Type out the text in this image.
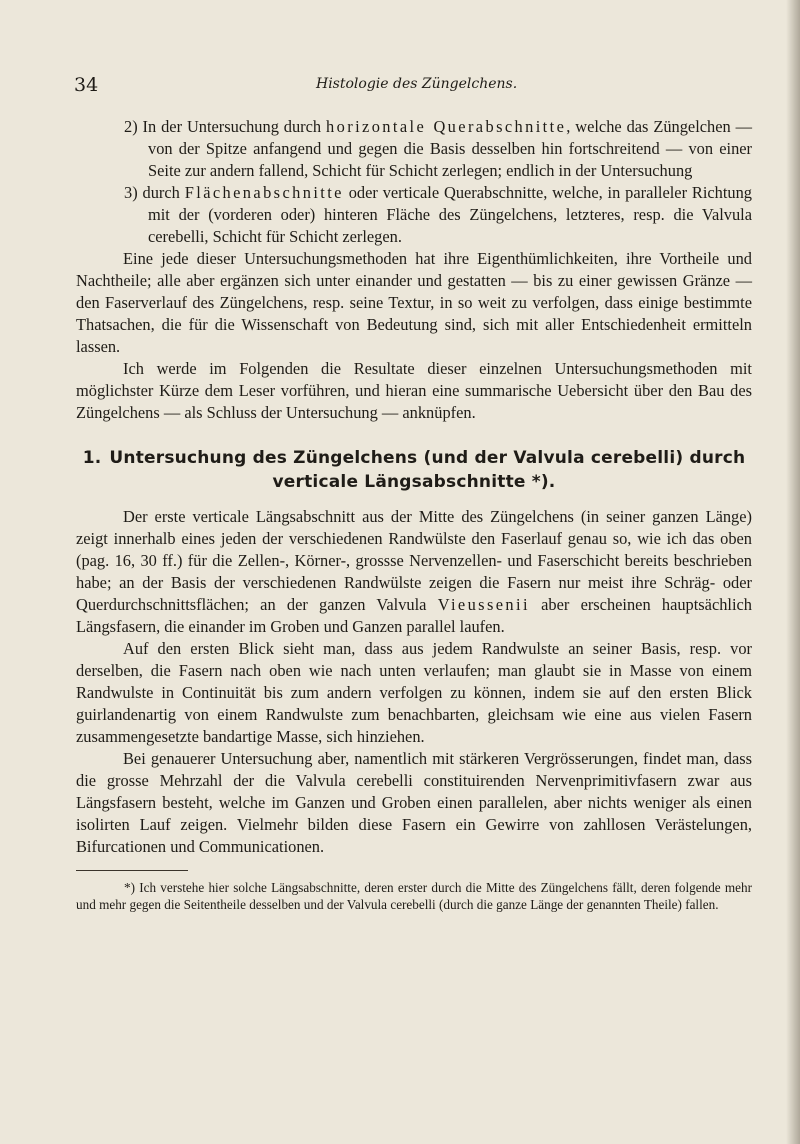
34	Histologie des Züngelchens.

2) In der Untersuchung durch horizontale Querabschnitte, welche das Züngelchen — von der Spitze anfangend und gegen die Basis desselben hin fortschreitend — von einer Seite zur andern fallend, Schicht für Schicht zerlegen; endlich in der Untersuchung

3) durch Flächenabschnitte oder verticale Querabschnitte, welche, in paralleler Richtung mit der (vorderen oder) hinteren Fläche des Züngelchens, letzteres, resp. die Valvula cerebelli, Schicht für Schicht zerlegen.

Eine jede dieser Untersuchungsmethoden hat ihre Eigenthümlichkeiten, ihre Vortheile und Nachtheile; alle aber ergänzen sich unter einander und gestatten — bis zu einer gewissen Gränze — den Faserverlauf des Züngelchens, resp. seine Textur, in so weit zu verfolgen, dass einige bestimmte Thatsachen, die für die Wissenschaft von Bedeutung sind, sich mit aller Entschiedenheit ermitteln lassen.

Ich werde im Folgenden die Resultate dieser einzelnen Untersuchungsmethoden mit möglichster Kürze dem Leser vorführen, und hieran eine summarische Uebersicht über den Bau des Züngelchens — als Schluss der Untersuchung — anknüpfen.

1. Untersuchung des Züngelchens (und der Valvula cerebelli) durch verticale Längsabschnitte *).

Der erste verticale Längsabschnitt aus der Mitte des Züngelchens (in seiner ganzen Länge) zeigt innerhalb eines jeden der verschiedenen Randwülste den Faserlauf genau so, wie ich das oben (pag. 16, 30 ff.) für die Zellen-, Körner-, grossse Nervenzellen- und Faserschicht bereits beschrieben habe; an der Basis der verschiedenen Randwülste zeigen die Fasern nur meist ihre Schräg- oder Querdurchschnittsflächen; an der ganzen Valvula Vieussenii aber erscheinen hauptsächlich Längsfasern, die einander im Groben und Ganzen parallel laufen.

Auf den ersten Blick sieht man, dass aus jedem Randwulste an seiner Basis, resp. vor derselben, die Fasern nach oben wie nach unten verlaufen; man glaubt sie in Masse von einem Randwulste in Continuität bis zum andern verfolgen zu können, indem sie auf den ersten Blick guirlandenartig von einem Randwulste zum benachbarten, gleichsam wie eine aus vielen Fasern zusammengesetzte bandartige Masse, sich hinziehen.

Bei genauerer Untersuchung aber, namentlich mit stärkeren Vergrösserungen, findet man, dass die grosse Mehrzahl der die Valvula cerebelli constituirenden Nervenprimitivfasern zwar aus Längsfasern besteht, welche im Ganzen und Groben einen parallelen, aber nichts weniger als einen isolirten Lauf zeigen. Vielmehr bilden diese Fasern ein Gewirre von zahllosen Verästelungen, Bifurcationen und Communicationen.

*) Ich verstehe hier solche Längsabschnitte, deren erster durch die Mitte des Züngelchens fällt, deren folgende mehr und mehr gegen die Seitentheile desselben und der Valvula cerebelli (durch die ganze Länge der genannten Theile) fallen.
